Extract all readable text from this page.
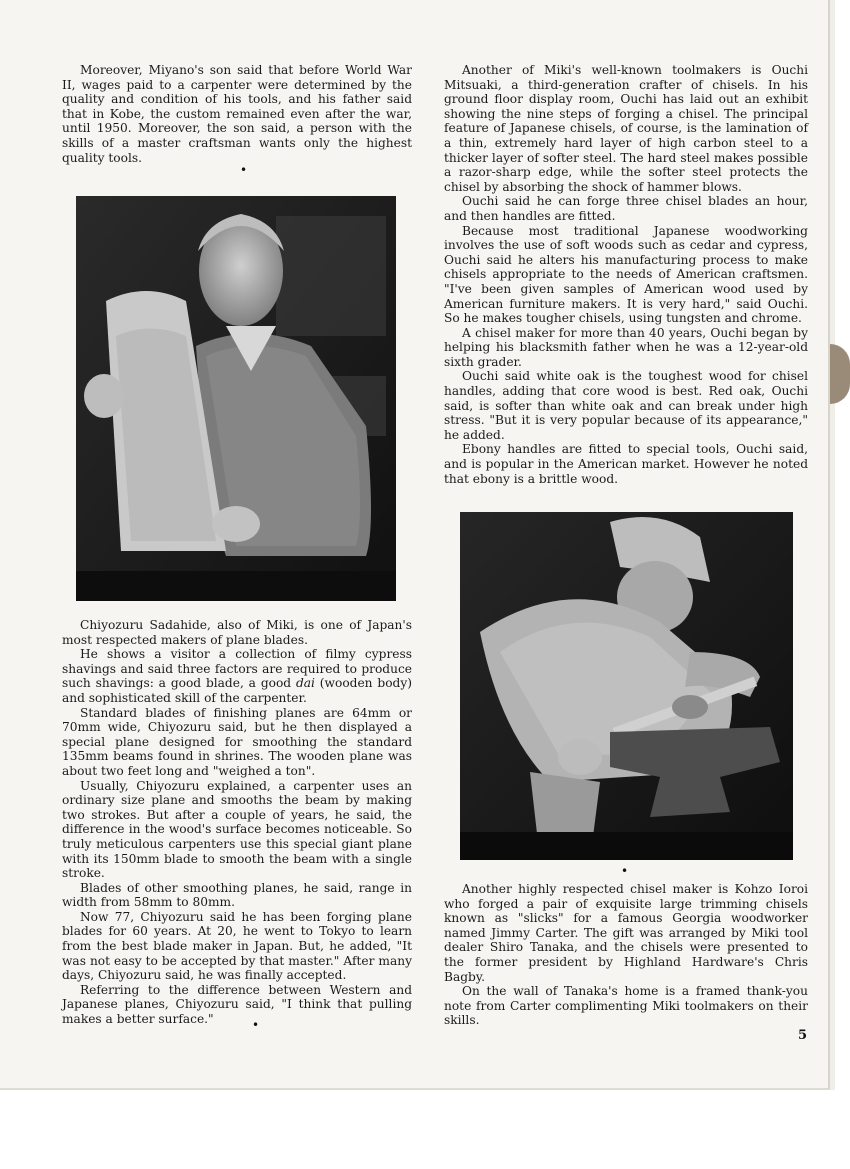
Moreover, Miyano's son said that before World War II, wages paid to a carpenter were determined by the quality and condition of his tools, and his father said that in Kobe, the custom remained even after the war, until 1950. Moreover, the son said, a person with the skills of a master craftsman wants only the highest quality tools.

•

Chiyozuru Sadahide, also of Miki, is one of Japan's most respected makers of plane blades.

He shows a visitor a collection of filmy cypress shavings and said three factors are required to produce such shavings: a good blade, a good dai (wooden body) and sophisticated skill of the carpenter.

Standard blades of finishing planes are 64mm or 70mm wide, Chiyozuru said, but he then displayed a special plane designed for smoothing the standard 135mm beams found in shrines. The wooden plane was about two feet long and "weighed a ton".

Usually, Chiyozuru explained, a carpenter uses an ordinary size plane and smooths the beam by making two strokes. But after a couple of years, he said, the difference in the wood's surface becomes noticeable. So truly meticulous carpenters use this special giant plane with its 150mm blade to smooth the beam with a single stroke.

Blades of other smoothing planes, he said, range in width from 58mm to 80mm.

Now 77, Chiyozuru said he has been forging plane blades for 60 years. At 20, he went to Tokyo to learn from the best blade maker in Japan. But, he added, "It was not easy to be accepted by that master." After many days, Chiyozuru said, he was finally accepted.

Referring to the difference between Western and Japanese planes, Chiyozuru said, "I think that pulling makes a better surface."	•

Another of Miki's well-known toolmakers is Ouchi Mitsuaki, a third-generation crafter of chisels. In his ground floor display room, Ouchi has laid out an exhibit showing the nine steps of forging a chisel. The principal feature of Japanese chisels, of course, is the lamination of a thin, extremely hard layer of high carbon steel to a thicker layer of softer steel. The hard steel makes possible a razor-sharp edge, while the softer steel protects the chisel by absorbing the shock of hammer blows.

Ouchi said he can forge three chisel blades an hour, and then handles are fitted.

Because most traditional Japanese woodworking involves the use of soft woods such as cedar and cypress, Ouchi said he alters his manufacturing process to make chisels appropriate to the needs of American craftsmen. "I've been given samples of American wood used by American furniture makers. It is very hard," said Ouchi. So he makes tougher chisels, using tungsten and chrome.

A chisel maker for more than 40 years, Ouchi began by helping his blacksmith father when he was a 12-year-old sixth grader.

Ouchi said white oak is the toughest wood for chisel handles, adding that core wood is best. Red oak, Ouchi said, is softer than white oak and can break under high stress. "But it is very popular because of its appearance," he added.

Ebony handles are fitted to special tools, Ouchi said, and is popular in the American market. However he noted that ebony is a brittle wood.

•

Another highly respected chisel maker is Kohzo Ioroi who forged a pair of exquisite large trimming chisels known as "slicks" for a famous Georgia woodworker named Jimmy Carter. The gift was arranged by Miki tool dealer Shiro Tanaka, and the chisels were presented to the former president by Highland Hardware's Chris Bagby.

On the wall of Tanaka's home is a framed thank-you note from Carter complimenting Miki toolmakers on their skills.

5
